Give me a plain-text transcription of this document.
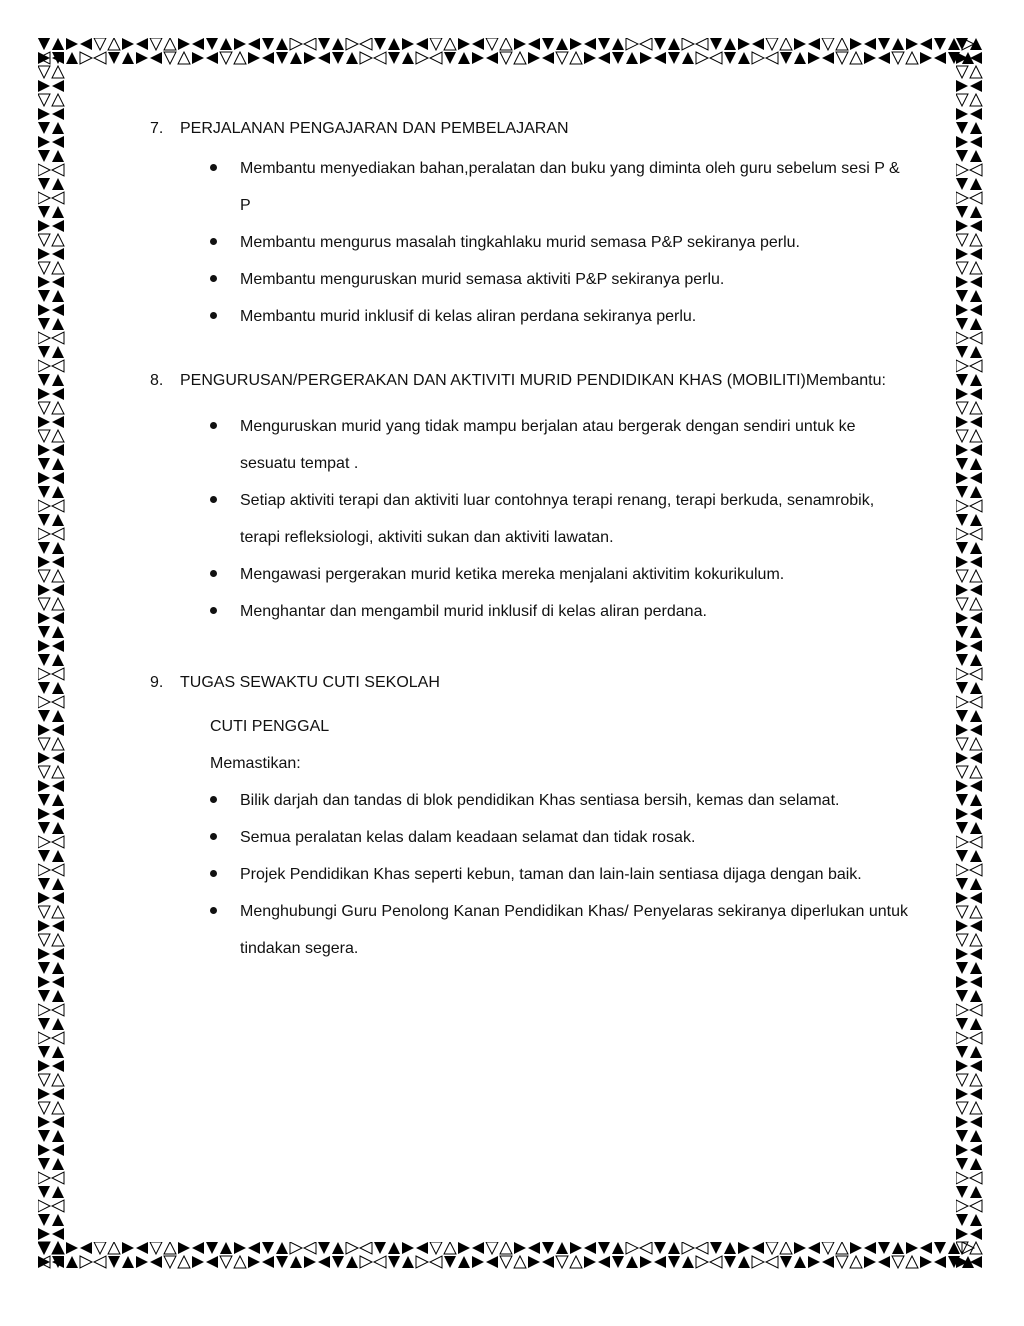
7.	PERJALANAN PENGAJARAN DAN PEMBELAJARAN
Membantu menyediakan bahan,peralatan dan buku yang diminta oleh guru sebelum sesi P & P
Membantu mengurus masalah tingkahlaku murid semasa P&P sekiranya perlu.
Membantu menguruskan murid semasa aktiviti P&P sekiranya perlu.
Membantu murid inklusif di kelas aliran perdana sekiranya perlu.
8.	PENGURUSAN/PERGERAKAN DAN AKTIVITI MURID PENDIDIKAN KHAS (MOBILITI)Membantu:
Menguruskan murid yang tidak mampu berjalan atau bergerak dengan sendiri untuk ke sesuatu tempat .
Setiap aktiviti terapi dan aktiviti luar contohnya terapi renang, terapi berkuda, senamrobik, terapi refleksiologi, aktiviti sukan dan aktiviti lawatan.
Mengawasi pergerakan murid ketika mereka menjalani aktivitim kokurikulum.
Menghantar dan mengambil murid inklusif di kelas aliran perdana.
9.	TUGAS SEWAKTU CUTI SEKOLAH
CUTI PENGGAL
Memastikan:
Bilik darjah dan tandas di blok pendidikan Khas sentiasa bersih, kemas dan selamat.
Semua peralatan kelas dalam keadaan selamat dan tidak rosak.
Projek Pendidikan Khas seperti kebun, taman dan lain-lain sentiasa dijaga dengan baik.
Menghubungi Guru Penolong Kanan Pendidikan Khas/ Penyelaras sekiranya diperlukan untuk tindakan segera.
